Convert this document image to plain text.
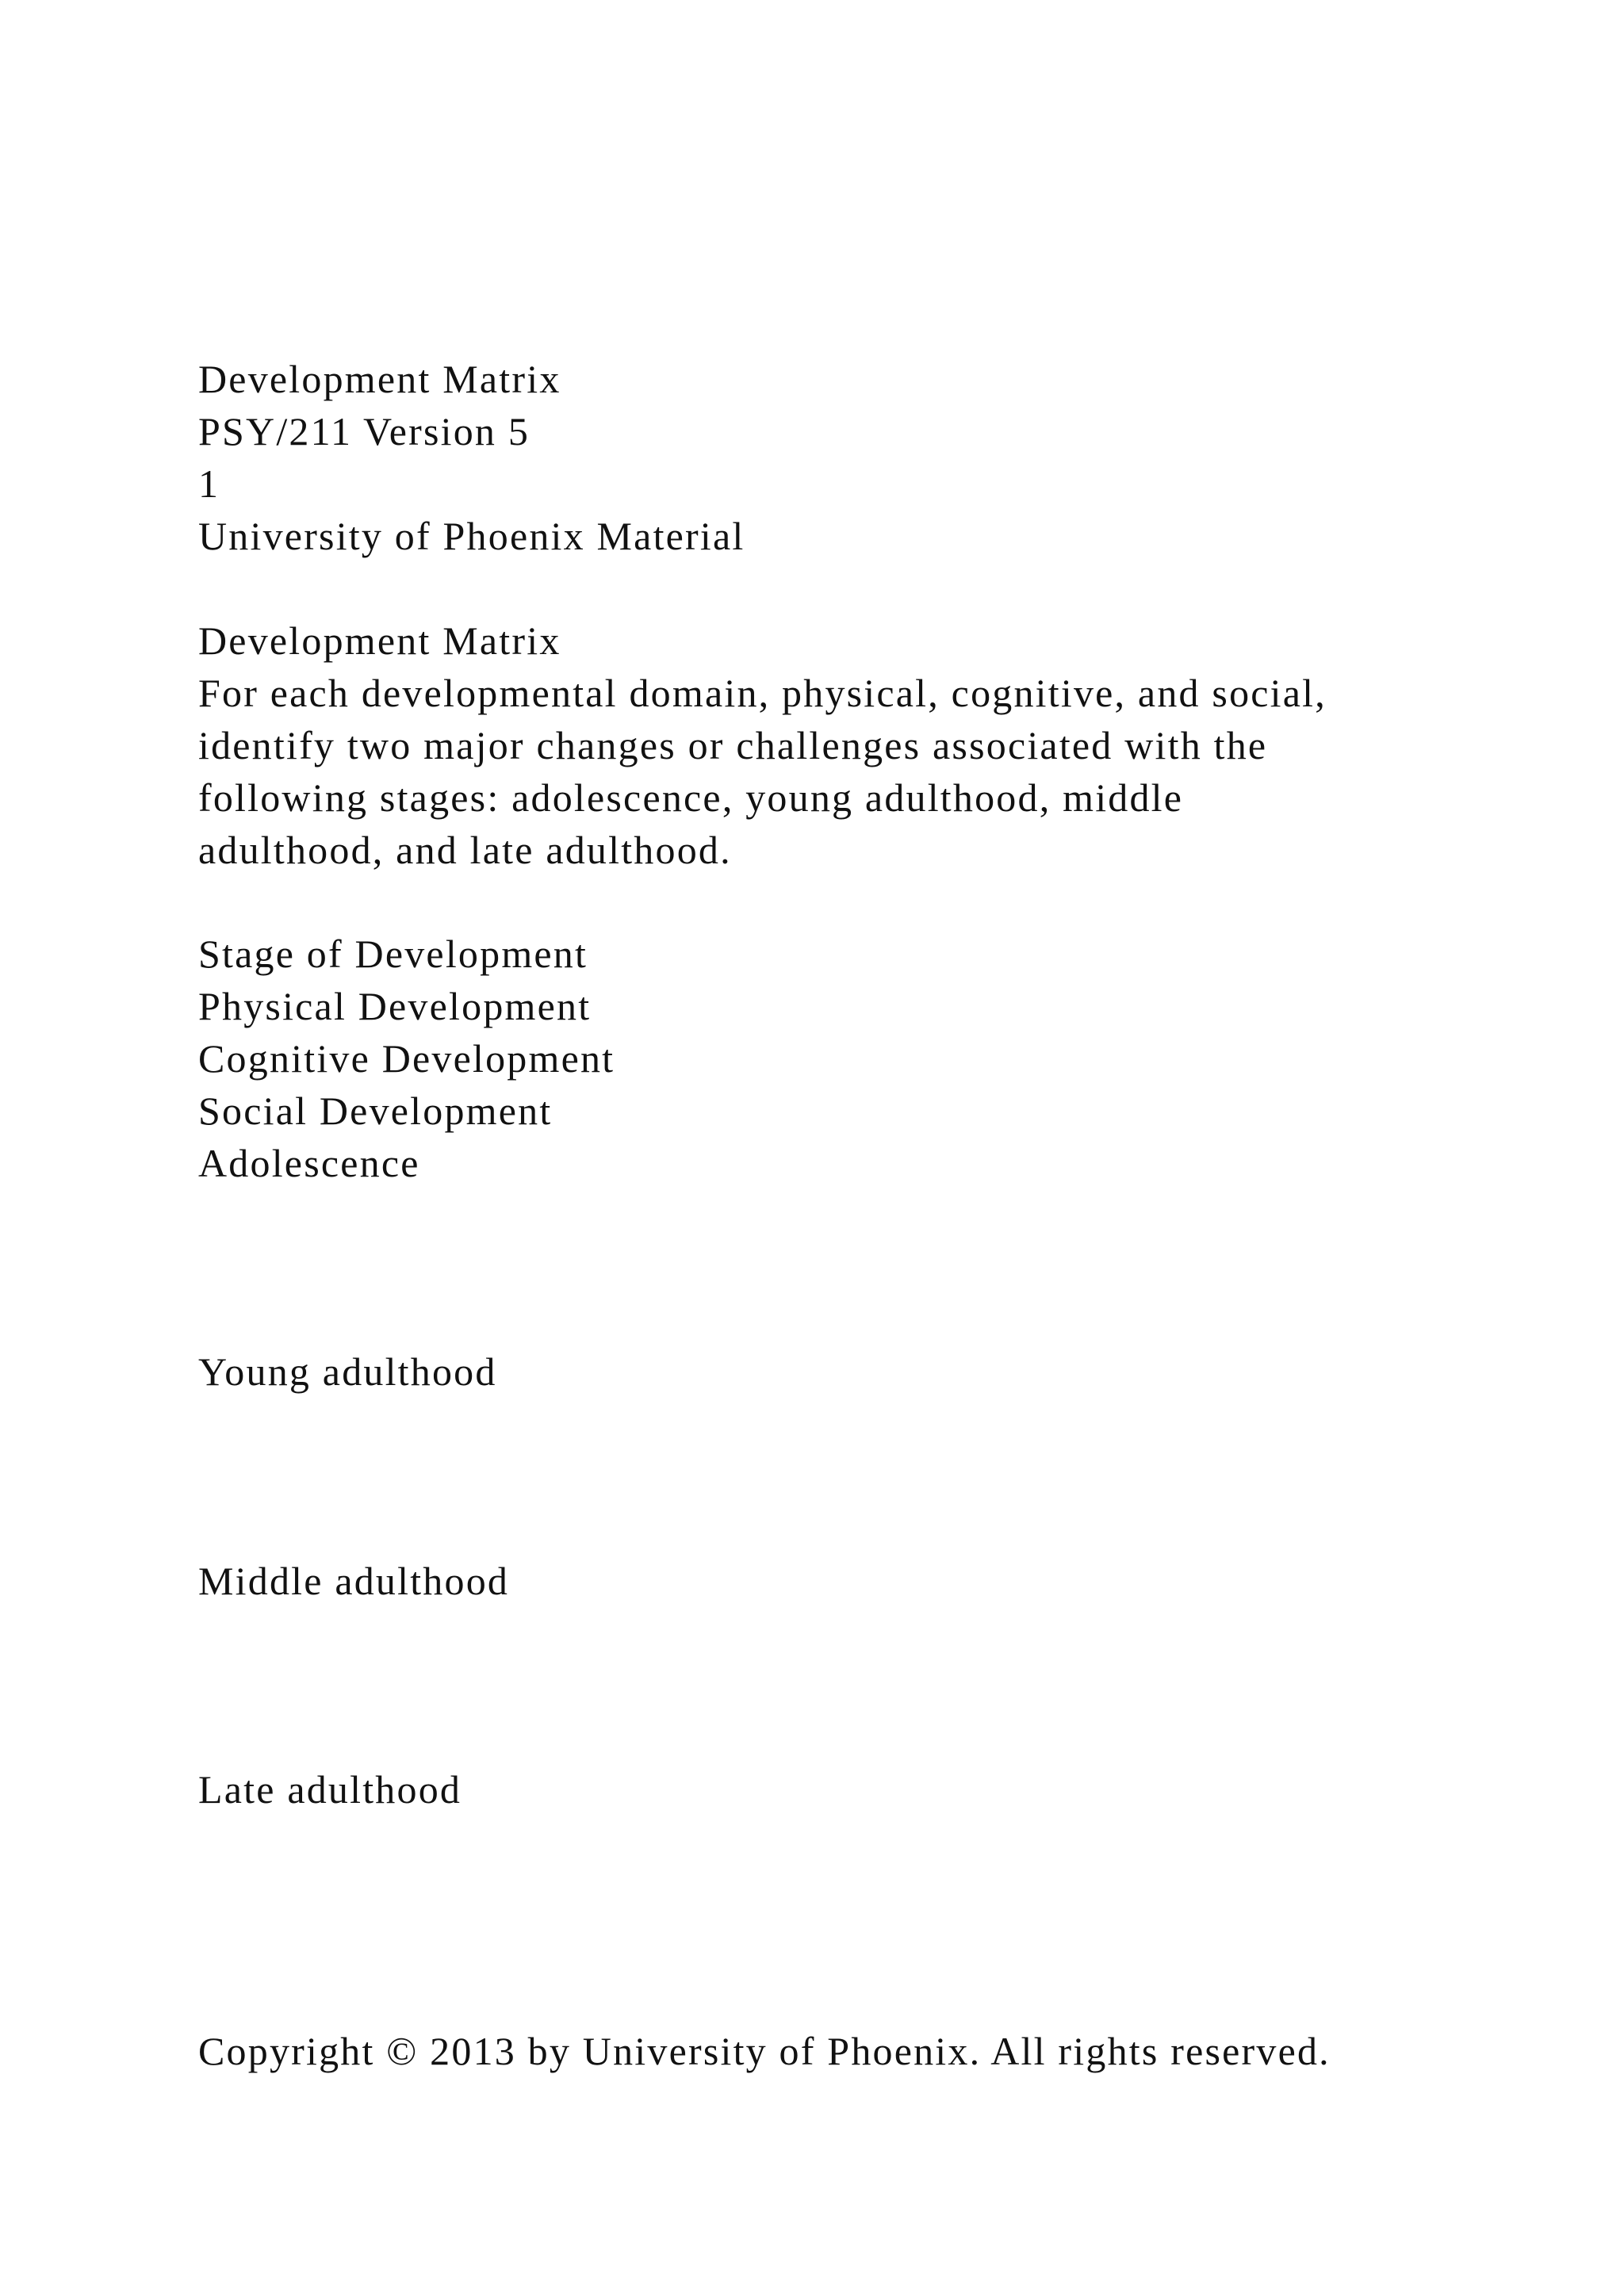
Development Matrix
PSY/211 Version 5
1
University of Phoenix Material
Development Matrix
For each developmental domain, physical, cognitive, and social,
identify two major changes or challenges associated with the
following stages: adolescence, young adulthood, middle
adulthood, and late adulthood.
Stage of Development
Physical Development
Cognitive Development
Social Development
Adolescence
Young adulthood
Middle adulthood
Late adulthood
Copyright © 2013 by University of Phoenix. All rights reserved.
